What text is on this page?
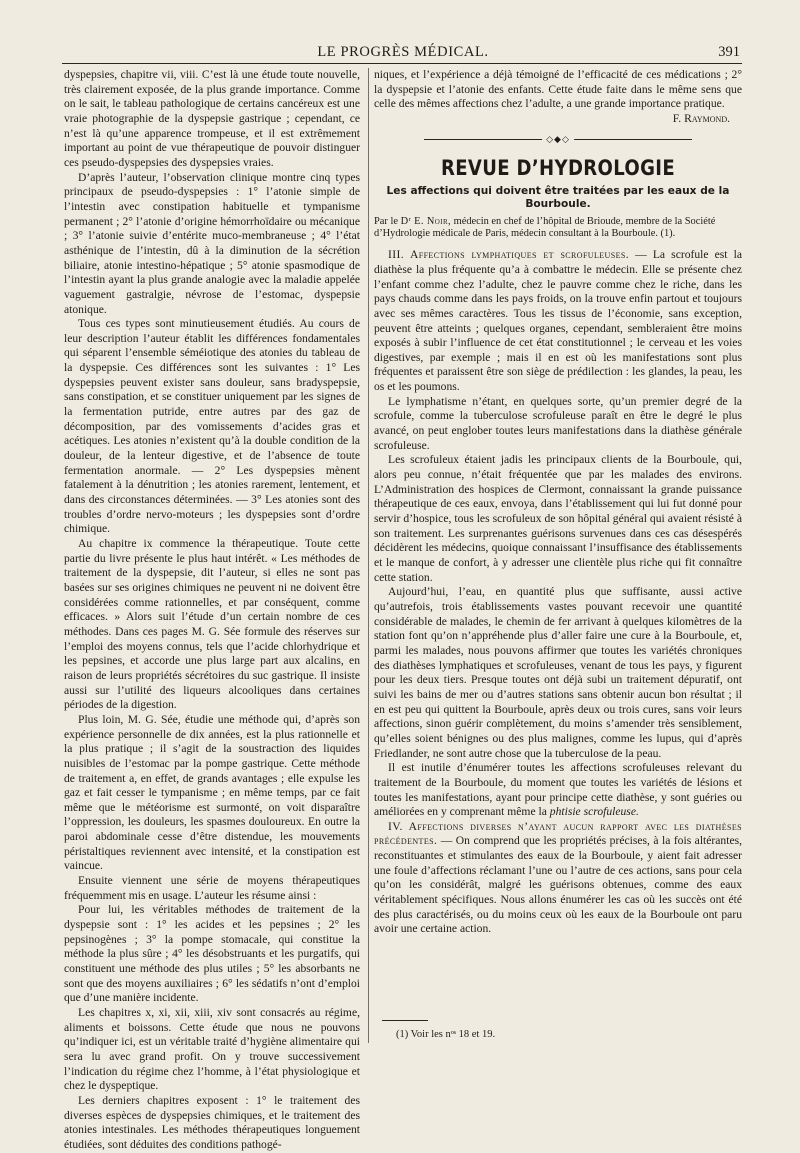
LE PROGRÈS MÉDICAL.	391

dyspepsies, chapitre vii, viii. C’est là une étude toute nouvelle, très clairement exposée, de la plus grande importance. Comme on le sait, le tableau pathologique de certains cancéreux est une vraie photographie de la dyspepsie gastrique ; cependant, ce n’est là qu’une apparence trompeuse, et il est extrêmement important au point de vue thérapeutique de pouvoir distinguer ces pseudo-dyspepsies des dyspepsies vraies.

D’après l’auteur, l’observation clinique montre cinq types principaux de pseudo-dyspepsies : 1° l’atonie simple de l’intestin avec constipation habituelle et tympanisme permanent ; 2° l’atonie d’origine hémorrhoïdaire ou mécanique ; 3° l’atonie suivie d’entérite muco-membraneuse ; 4° l’état asthénique de l’intestin, dû à la diminution de la sécrétion biliaire, atonie intestino-hépatique ; 5° atonie spasmodique de l’intestin ayant la plus grande analogie avec la maladie appelée vaguement gastralgie, névrose de l’estomac, dyspepsie atonique.

Tous ces types sont minutieusement étudiés. Au cours de leur description l’auteur établit les différences fondamentales qui séparent l’ensemble séméiotique des atonies du tableau de la dyspepsie. Ces différences sont les suivantes : 1° Les dyspepsies peuvent exister sans douleur, sans bradyspepsie, sans constipation, et se constituer uniquement par les signes de la fermentation putride, entre autres par des gaz de décomposition, par des vomissements d’acides gras et acétiques. Les atonies n’existent qu’à la double condition de la douleur, de la lenteur digestive, et de l’absence de toute fermentation anormale. — 2° Les dyspepsies mènent fatalement à la dénutrition ; les atonies rarement, lentement, et dans des circonstances déterminées. — 3° Les atonies sont des troubles d’ordre nervo-moteurs ; les dyspepsies sont d’ordre chimique.

Au chapitre ix commence la thérapeutique. Toute cette partie du livre présente le plus haut intérêt. « Les méthodes de traitement de la dyspepsie, dit l’auteur, si elles ne sont pas basées sur ses origines chimiques ne peuvent ni ne doivent être considérées comme rationnelles, et par conséquent, comme efficaces. » Alors suit l’étude d’un certain nombre de ces méthodes. Dans ces pages M. G. Sée formule des réserves sur l’emploi des moyens connus, tels que l’acide chlorhydrique et les pepsines, et accorde une plus large part aux alcalins, en raison de leurs propriétés sécrétoires du suc gastrique. Il insiste aussi sur l’utilité des liqueurs alcooliques dans certaines périodes de la digestion.

Plus loin, M. G. Sée, étudie une méthode qui, d’après son expérience personnelle de dix années, est la plus rationnelle et la plus pratique ; il s’agit de la soustraction des liquides nuisibles de l’estomac par la pompe gastrique. Cette méthode de traitement a, en effet, de grands avantages ; elle expulse les gaz et fait cesser le tympanisme ; en même temps, par ce fait même que le météorisme est surmonté, on voit disparaître l’oppression, les douleurs, les spasmes douloureux. En outre la paroi abdominale cesse d’être distendue, les mouvements péristaltiques reviennent avec intensité, et la constipation est vaincue.

Ensuite viennent une série de moyens thérapeutiques fréquemment mis en usage. L’auteur les résume ainsi :

Pour lui, les véritables méthodes de traitement de la dyspepsie sont : 1° les acides et les pepsines ; 2° les pepsinogènes ; 3° la pompe stomacale, qui constitue la méthode la plus sûre ; 4° les désobstruants et les purgatifs, qui constituent une méthode des plus utiles ; 5° les absorbants ne sont que des moyens auxiliaires ; 6° les sédatifs n’ont d’emploi que d’une manière incidente.

Les chapitres x, xi, xii, xiii, xiv sont consacrés au régime, aliments et boissons. Cette étude que nous ne pouvons qu’indiquer ici, est un véritable traité d’hygiène alimentaire qui sera lu avec grand profit. On y trouve successivement l’indication du régime chez l’homme, à l’état physiologique et chez le dyspeptique.

Les derniers chapitres exposent : 1° le traitement des diverses espèces de dyspepsies chimiques, et le traitement des atonies intestinales. Les méthodes thérapeutiques longuement étudiées, sont déduites des conditions pathogé-

niques, et l’expérience a déjà témoigné de l’efficacité de ces médications ; 2° la dyspepsie et l’atonie des enfants. Cette étude faite dans le même sens que celle des mêmes affections chez l’adulte, a une grande importance pratique.

F. Raymond.

◇◆◇
REVUE D’HYDROLOGIE
Les affections qui doivent être traitées par les eaux de la Bourboule.
Par le Dʳ E. Noir, médecin en chef de l’hôpital de Brioude, membre de la Société d’Hydrologie médicale de Paris, médecin consultant à la Bourboule. (1).

III. Affections lymphatiques et scrofuleuses. — La scrofule est la diathèse la plus fréquente qu’a à combattre le médecin. Elle se présente chez l’enfant comme chez l’adulte, chez le pauvre comme chez le riche, dans les pays chauds comme dans les pays froids, on la trouve enfin partout et toujours avec ses mêmes caractères. Tous les tissus de l’économie, sans exception, peuvent être atteints ; quelques organes, cependant, sembleraient être moins exposés à subir l’influence de cet état constitutionnel ; le cerveau et les voies digestives, par exemple ; mais il en est où les manifestations sont plus fréquentes et paraissent être son siège de prédilection : les glandes, la peau, les os et les poumons.

Le lymphatisme n’étant, en quelques sorte, qu’un premier degré de la scrofule, comme la tuberculose scrofuleuse paraît en être le degré le plus avancé, on peut englober toutes leurs manifestations dans la diathèse générale scrofuleuse.

Les scrofuleux étaient jadis les principaux clients de la Bourboule, qui, alors peu connue, n’était fréquentée que par les malades des environs. L’Administration des hospices de Clermont, connaissant la grande puissance thérapeutique de ces eaux, envoya, dans l’établissement qui lui fut donné pour servir d’hospice, tous les scrofuleux de son hôpital général qui avaient résisté à son traitement. Les surprenantes guérisons survenues dans ces cas désespérés décidèrent les médecins, quoique connaissant l’insuffisance des établissements et le manque de confort, à y adresser une clientèle plus riche qui fit connaître cette station.

Aujourd’hui, l’eau, en quantité plus que suffisante, aussi active qu’autrefois, trois établissements vastes pouvant recevoir une quantité considérable de malades, le chemin de fer arrivant à quelques kilomètres de la station font qu’on n’appréhende plus d’aller faire une cure à la Bourboule, et, parmi les malades, nous pouvons affirmer que toutes les variétés chroniques des diathèses lymphatiques et scrofuleuses, venant de tous les pays, y figurent pour les deux tiers. Presque toutes ont déjà subi un traitement dépuratif, ont suivi les bains de mer ou d’autres stations sans obtenir aucun bon résultat ; il en est peu qui quittent la Bourboule, après deux ou trois cures, sans voir leurs affections, sinon guérir complètement, du moins s’amender très sensiblement, qu’elles soient bénignes ou des plus malignes, comme les lupus, qui d’après Friedlander, ne sont autre chose que la tuberculose de la peau.

Il est inutile d’énumérer toutes les affections scrofuleuses relevant du traitement de la Bourboule, du moment que toutes les variétés de lésions et toutes les manifestations, ayant pour principe cette diathèse, y sont guéries ou améliorées en y comprenant même la phtisie scrofuleuse.

IV. Affections diverses n’ayant aucun rapport avec les diathèses précédentes. — On comprend que les propriétés précises, à la fois altérantes, reconstituantes et stimulantes des eaux de la Bourboule, y aient fait adresser une foule d’affections réclamant l’une ou l’autre de ces actions, sans pour cela qu’on les considérât, malgré les guérisons obtenues, comme des eaux véritablement spécifiques. Nous allons énumérer les cas où les succès ont été des plus caractérisés, ou du moins ceux où les eaux de la Bourboule ont paru avoir une certaine action.

(1) Voir les nᵒˢ 18 et 19.
